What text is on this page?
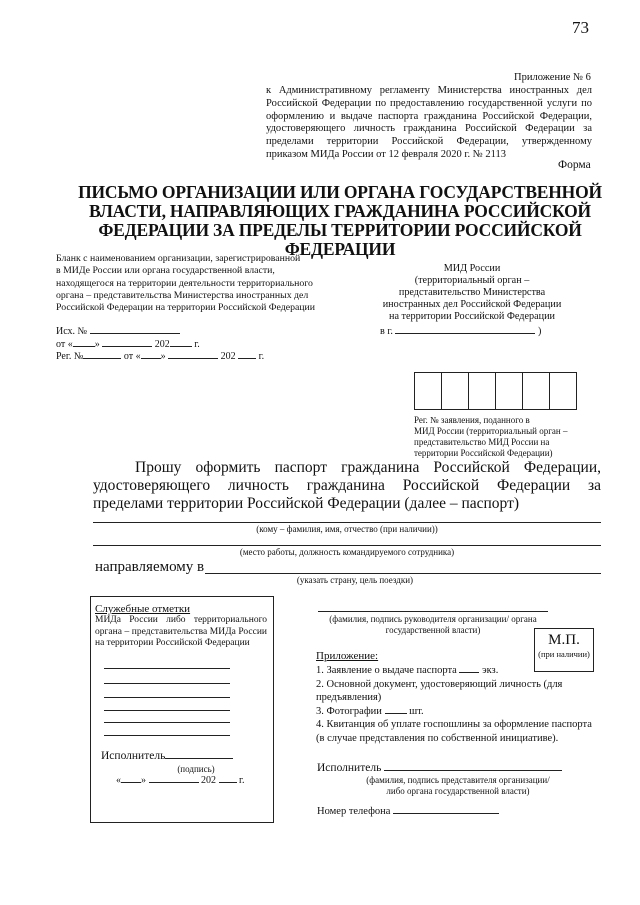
73
Приложение № 6
к Административному регламенту Министерства иностранных дел Российской Федерации по предоставлению государственной услуги по оформлению и выдаче паспорта гражданина Российской Федерации, удостоверяющего личность гражданина Российской Федерации за пределами территории Российской Федерации, утвержденному приказом МИДа России от 12 февраля 2020 г. № 2113
Форма
ПИСЬМО ОРГАНИЗАЦИИ ИЛИ ОРГАНА ГОСУДАРСТВЕННОЙ
ВЛАСТИ, НАПРАВЛЯЮЩИХ ГРАЖДАНИНА РОССИЙСКОЙ
ФЕДЕРАЦИИ ЗА ПРЕДЕЛЫ ТЕРРИТОРИИ РОССИЙСКОЙ ФЕДЕРАЦИИ
Бланк с наименованием организации, зарегистрированной
в МИДе России или органа государственной власти,
находящегося на территории деятельности территориального
органа – представительства Министерства иностранных дел
Российской Федерации на территории Российской Федерации
МИД России
(территориальный орган –
представительство Министерства
иностранных дел Российской Федерации
на территории Российской Федерации
в г.	)
Исх. №
от « »	202 г.
Рег. №	от « »	202 г.
Рег. № заявления, поданного в
МИД России (территориальный орган –
представительство МИД России на
территории Российской Федерации)
Прошу оформить паспорт гражданина Российской Федерации, удостоверяющего личность гражданина Российской Федерации за пределами территории Российской Федерации (далее – паспорт)
(кому – фамилия, имя, отчество (при наличии))
(место работы, должность командируемого сотрудника)
направляемому в
(указать страну, цель поездки)
Служебные отметки
МИДа России либо территориального органа – представительства МИДа России на территории Российской Федерации
Исполнитель
(подпись)
« »	202 г.
(фамилия, подпись руководителя организации/ органа
государственной власти)
М.П.
(при наличии)
Приложение:
1. Заявление о выдаче паспорта экз.
2. Основной документ, удостоверяющий личность (для предъявления)
3. Фотографии	шт.
4. Квитанция об уплате госпошлины за оформление паспорта (в случае представления по собственной инициативе).
Исполнитель
(фамилия, подпись представителя организации/
либо органа государственной власти)
Номер телефона
